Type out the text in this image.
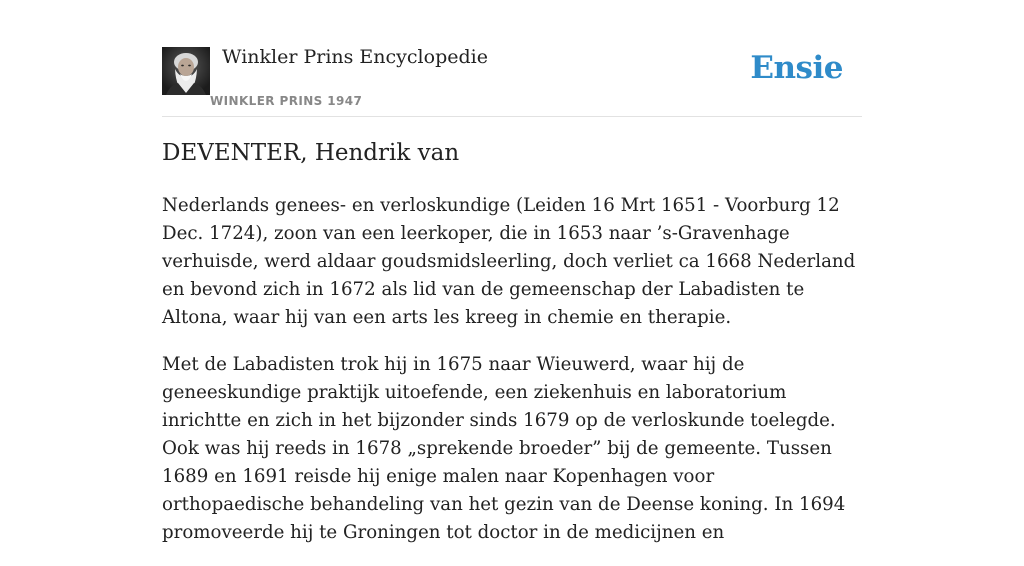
Winkler Prins Encyclopedie
WINKLER PRINS 1947
Ensie
DEVENTER, Hendrik van

Nederlands genees- en verloskundige (Leiden 16 Mrt 1651 - Voorburg 12 Dec. 1724), zoon van een leerkoper, die in 1653 naar ’s-Gravenhage verhuisde, werd aldaar goudsmidsleerling, doch verliet ca 1668 Nederland en bevond zich in 1672 als lid van de gemeenschap der Labadisten te Altona, waar hij van een arts les kreeg in chemie en therapie.

Met de Labadisten trok hij in 1675 naar Wieuwerd, waar hij de geneeskundige praktijk uitoefende, een ziekenhuis en laboratorium inrichtte en zich in het bijzonder sinds 1679 op de verloskunde toelegde. Ook was hij reeds in 1678 „sprekende broeder” bij de gemeente. Tussen 1689 en 1691 reisde hij enige malen naar Kopenhagen voor orthopaedische behandeling van het gezin van de Deense koning. In 1694 promoveerde hij te Groningen tot doctor in de medicijnen en
